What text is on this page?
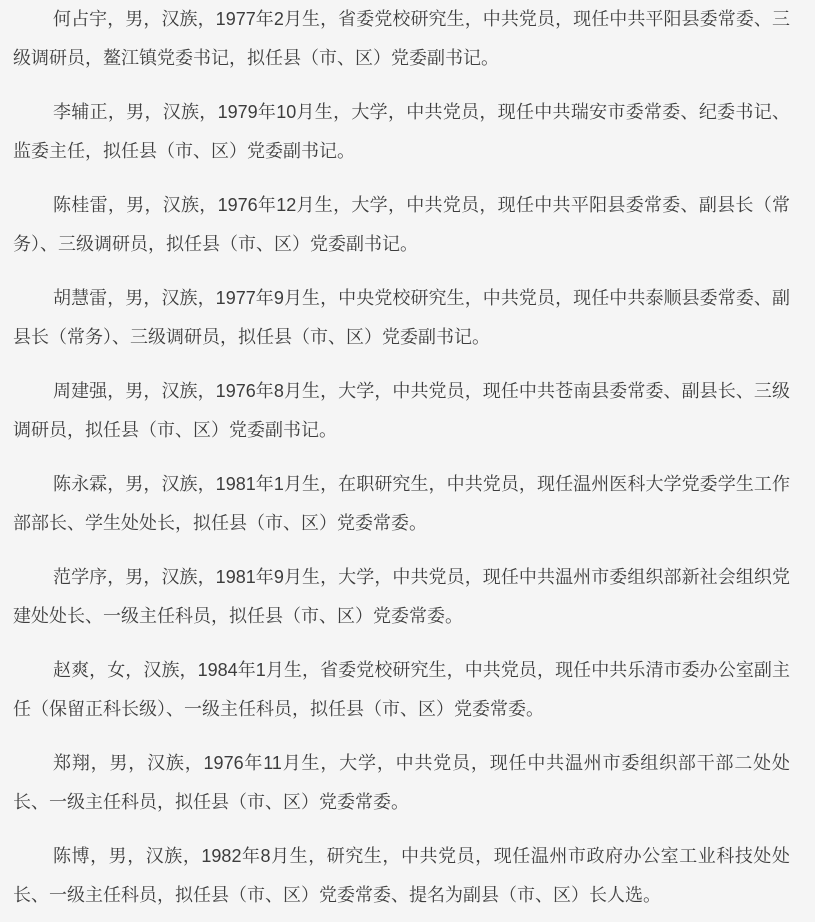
何占宇，男，汉族，1977年2月生，省委党校研究生，中共党员，现任中共平阳县委常委、三级调研员，鳌江镇党委书记，拟任县（市、区）党委副书记。

李辅正，男，汉族，1979年10月生，大学，中共党员，现任中共瑞安市委常委、纪委书记、监委主任，拟任县（市、区）党委副书记。

陈桂雷，男，汉族，1976年12月生，大学，中共党员，现任中共平阳县委常委、副县长（常务）、三级调研员，拟任县（市、区）党委副书记。

胡慧雷，男，汉族，1977年9月生，中央党校研究生，中共党员，现任中共泰顺县委常委、副县长（常务）、三级调研员，拟任县（市、区）党委副书记。

周建强，男，汉族，1976年8月生，大学，中共党员，现任中共苍南县委常委、副县长、三级调研员，拟任县（市、区）党委副书记。

陈永霖，男，汉族，1981年1月生，在职研究生，中共党员，现任温州医科大学党委学生工作部部长、学生处处长，拟任县（市、区）党委常委。

范学序，男，汉族，1981年9月生，大学，中共党员，现任中共温州市委组织部新社会组织党建处处长、一级主任科员，拟任县（市、区）党委常委。

赵爽，女，汉族，1984年1月生，省委党校研究生，中共党员，现任中共乐清市委办公室副主任（保留正科长级）、一级主任科员，拟任县（市、区）党委常委。

郑翔，男，汉族，1976年11月生，大学，中共党员，现任中共温州市委组织部干部二处处长、一级主任科员，拟任县（市、区）党委常委。

陈博，男，汉族，1982年8月生，研究生，中共党员，现任温州市政府办公室工业科技处处长、一级主任科员，拟任县（市、区）党委常委、提名为副县（市、区）长人选。
